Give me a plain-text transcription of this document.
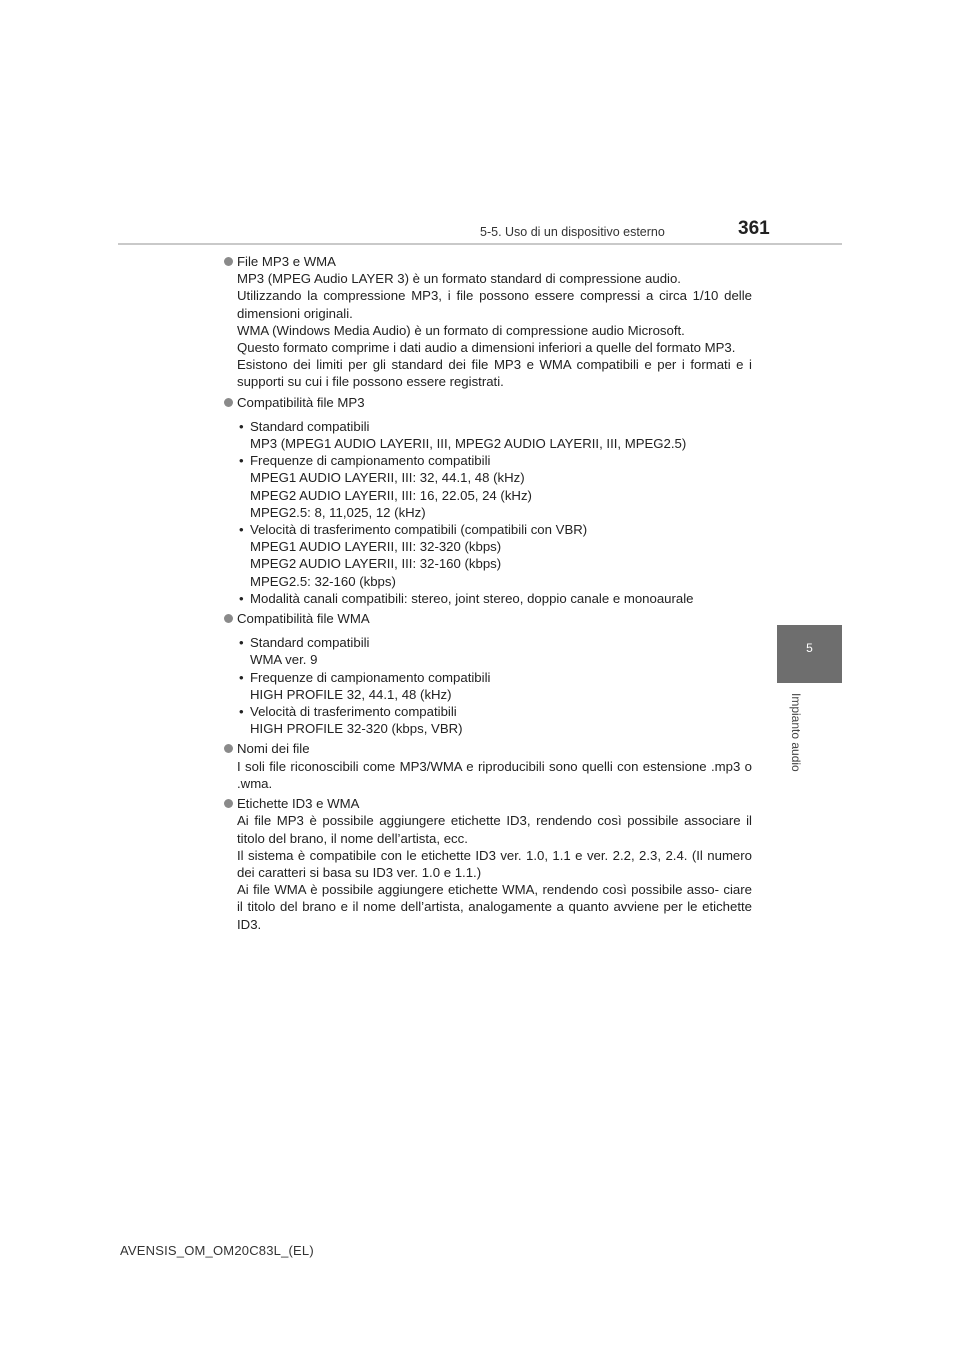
5-5. Uso di un dispositivo esterno	361
5
Impianto audio

File MP3 e WMA

MP3 (MPEG Audio LAYER 3) è un formato standard di compressione audio.

Utilizzando la compressione MP3, i file possono essere compressi a circa 1/10 delle dimensioni originali.

WMA (Windows Media Audio) è un formato di compressione audio Microsoft.

Questo formato comprime i dati audio a dimensioni inferiori a quelle del formato MP3.

Esistono dei limiti per gli standard dei file MP3 e WMA compatibili e per i formati e i supporti su cui i file possono essere registrati.

Compatibilità file MP3

• Standard compatibili
MP3 (MPEG1 AUDIO LAYERII, III, MPEG2 AUDIO LAYERII, III, MPEG2.5)
• Frequenze di campionamento compatibili
MPEG1 AUDIO LAYERII, III: 32, 44.1, 48 (kHz)
MPEG2 AUDIO LAYERII, III: 16, 22.05, 24 (kHz)
MPEG2.5: 8, 11,025, 12 (kHz)
• Velocità di trasferimento compatibili (compatibili con VBR)
MPEG1 AUDIO LAYERII, III: 32-320 (kbps)
MPEG2 AUDIO LAYERII, III: 32-160 (kbps)
MPEG2.5: 32-160 (kbps)
• Modalità canali compatibili: stereo, joint stereo, doppio canale e monoaurale

Compatibilità file WMA

• Standard compatibili
WMA ver. 9
• Frequenze di campionamento compatibili
HIGH PROFILE 32, 44.1, 48 (kHz)
• Velocità di trasferimento compatibili
HIGH PROFILE 32-320 (kbps, VBR)

Nomi dei file

I soli file riconoscibili come MP3/WMA e riproducibili sono quelli con estensione .mp3 o .wma.

Etichette ID3 e WMA

Ai file MP3 è possibile aggiungere etichette ID3, rendendo così possibile associare il titolo del brano, il nome dell’artista, ecc.

Il sistema è compatibile con le etichette ID3 ver. 1.0, 1.1 e ver. 2.2, 2.3, 2.4. (Il numero dei caratteri si basa su ID3 ver. 1.0 e 1.1.)

Ai file WMA è possibile aggiungere etichette WMA, rendendo così possibile asso- ciare il titolo del brano e il nome dell’artista, analogamente a quanto avviene per le etichette ID3.

AVENSIS_OM_OM20C83L_(EL)
